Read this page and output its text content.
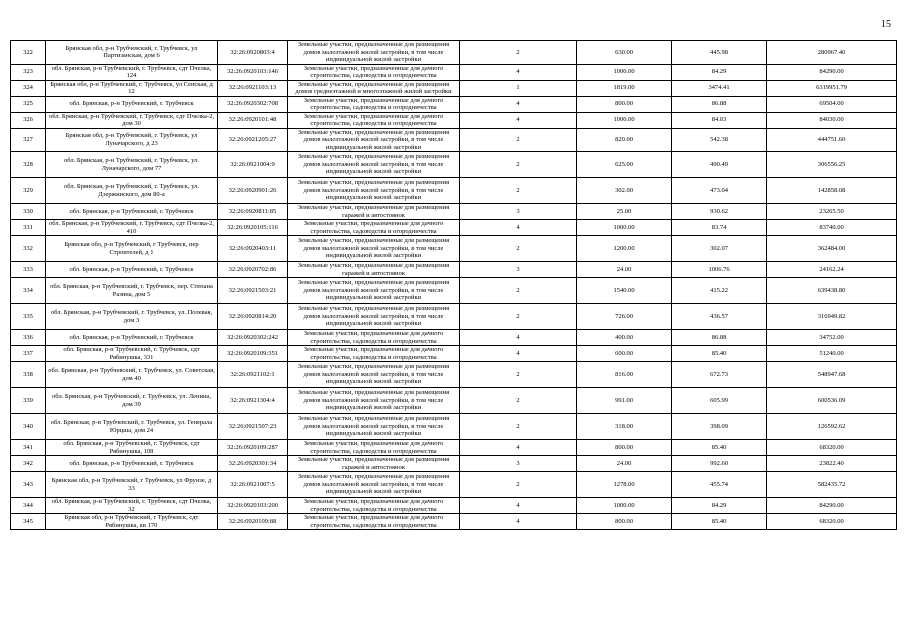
15
322	Брянская обл, р-н Трубчевский, г. Трубчевск, ул Партизанская, дом 6	32:26:0920803:4	Земельные участки, предназначенные для размещения домов малоэтажной жилой застройки, в том числе индивидуальной жилой застройки	2	630.00	445.98	280967.40
323	обл. Брянская, р-н Трубчевский, г. Трубчевск, сдт Пчелка, 124	32:26:0920103:146	Земельные участки, предназначенные для дачного строительства, садоводства и огородничества	4	1000.00	84.29	84290.00
324	Брянская обл, р-н Трубчевский, г. Трубчевск, ул Сенская, д 12	32:26:0921103:13	Земельные участки, предназначенные для размещения домов среднеэтажной и многоэтажной жилой застройки	1	1819.00	3474.41	6319951.79
325	обл. Брянская, р-н Трубчевский, г. Трубчевск	32:26:0920302:708	Земельные участки, предназначенные для дачного строительства, садоводства и огородничества	4	800.00	86.88	69504.00
326	обл. Брянская, р-н Трубчевский, г. Трубчевск, сдт Пчелка-2, дом 30	32:26:0920101:48	Земельные участки, предназначенные для дачного строительства, садоводства и огородничества	4	1000.00	84.03	84030.00
327	Брянская обл, р-н Трубчевский, г. Трубчевск, ул Луначарского, д 23	32:26:0921205:27	Земельные участки, предназначенные для размещения домов малоэтажной жилой застройки, в том числе индивидуальной жилой застройки	2	820.00	542.38	444751.60
328	обл. Брянская, р-н Трубчевский, г. Трубчевск, ул. Луначарского, дом 77	32:26:0921004:9	Земельные участки, предназначенные для размещения домов малоэтажной жилой застройки, в том числе индивидуальной жилой застройки	2	625.00	490.49	306556.25
329	обл. Брянская, р-н Трубчевский, г. Трубчевск, ул. Дзержинского, дом 80-а	32:26:0920901:26	Земельные участки, предназначенные для размещения домов малоэтажной жилой застройки, в том числе индивидуальной жилой застройки	2	302.00	473.04	142858.08
330	обл. Брянская, р-н Трубчевский, г. Трубчевск	32:26:0920811:85	Земельные участки, предназначенные для размещения гаражей и автостоянок	3	25.00	930.62	23265.50
331	обл. Брянская, р-н Трубчевский, г. Трубчевск, сдт Пчелка-2, 410	32:26:0920105:116	Земельные участки, предназначенные для дачного строительства, садоводства и огородничества	4	1000.00	83.74	83740.00
332	Брянская обл, р-н Трубчевский, г Трубчевск, пер Строителей, д 1	32:26:0920403:11	Земельные участки, предназначенные для размещения домов малоэтажной жилой застройки, в том числе индивидуальной жилой застройки	2	1200.00	302.07	362484.00
333	обл. Брянская, р-н Трубчевский, г. Трубчевск	32:26:0920702:86	Земельные участки, предназначенные для размещения гаражей и автостоянок	3	24.00	1006.76	24162.24
334	обл. Брянская, р-н Трубчевский, г. Трубчевск, пер. Степана Разина, дом 5	32:26:0921503:21	Земельные участки, предназначенные для размещения домов малоэтажной жилой застройки, в том числе индивидуальной жилой застройки	2	1540.00	415.22	639438.80
335	обл. Брянская, р-н Трубчевский, г. Трубчевск, ул. Полевая, дом 3	32:26:0920814:20	Земельные участки, предназначенные для размещения домов малоэтажной жилой застройки, в том числе индивидуальной жилой застройки	2	726.00	436.57	316949.82
336	обл. Брянская, р-н Трубчевский, г. Трубчевск	32:26:0920302:242	Земельные участки, предназначенные для дачного строительства, садоводства и огородничества	4	400.00	86.88	34752.00
337	обл. Брянская, р-н Трубчевский, г. Трубчевск, сдт Рябинушка, 331	32:26:0920109:351	Земельные участки, предназначенные для дачного строительства, садоводства и огородничества	4	600.00	85.40	51240.00
338	обл. Брянская, р-н Трубчевский, г. Трубчевск, ул. Советская, дом 40	32:26:0921102:1	Земельные участки, предназначенные для размещения домов малоэтажной жилой застройки, в том числе индивидуальной жилой застройки	2	816.00	672.73	548947.68
339	обл. Брянская, р-н Трубчевский, г. Трубчевск, ул. Ленина, дом 39	32:26:0921304:4	Земельные участки, предназначенные для размещения домов малоэтажной жилой застройки, в том числе индивидуальной жилой застройки	2	991.00	605.99	600536.09
340	обл. Брянская, р-н Трубчевский, г. Трубчевск, ул. Генерала Юрцша, дом 24	32:26:0921507:23	Земельные участки, предназначенные для размещения домов малоэтажной жилой застройки, в том числе индивидуальной жилой застройки	2	318.00	398.09	126592.62
341	обл. Брянская, р-н Трубчевский, г. Трубчевск, сдт Рябинушка, 108	32:26:0920109:287	Земельные участки, предназначенные для дачного строительства, садоводства и огородничества	4	800.00	85.40	68320.00
342	обл. Брянская, р-н Трубчевский, г. Трубчевск	32:26:0920301:34	Земельные участки, предназначенные для размещения гаражей и автостоянок	3	24.00	992.60	23822.40
343	Брянская обл, р-н Трубчевский, г Трубчевск, ул Фрунзе, д 33	32:26:0921007:5	Земельные участки, предназначенные для размещения домов малоэтажной жилой застройки, в том числе индивидуальной жилой застройки	2	1278.00	455.74	582435.72
344	обл. Брянская, р-н Трубчевский, г. Трубчевск, сдт Пчелка, 32	32:26:0920103:200	Земельные участки, предназначенные для дачного строительства, садоводства и огородничества	4	1000.00	84.29	84290.00
345	Брянская обл, р-н Трубчевский, г Трубчевск, сдт Рябинушка, кв 170	32:26:0920109:88	Земельные участки, предназначенные для дачного строительства, садоводства и огородничества	4	800.00	85.40	68320.00
